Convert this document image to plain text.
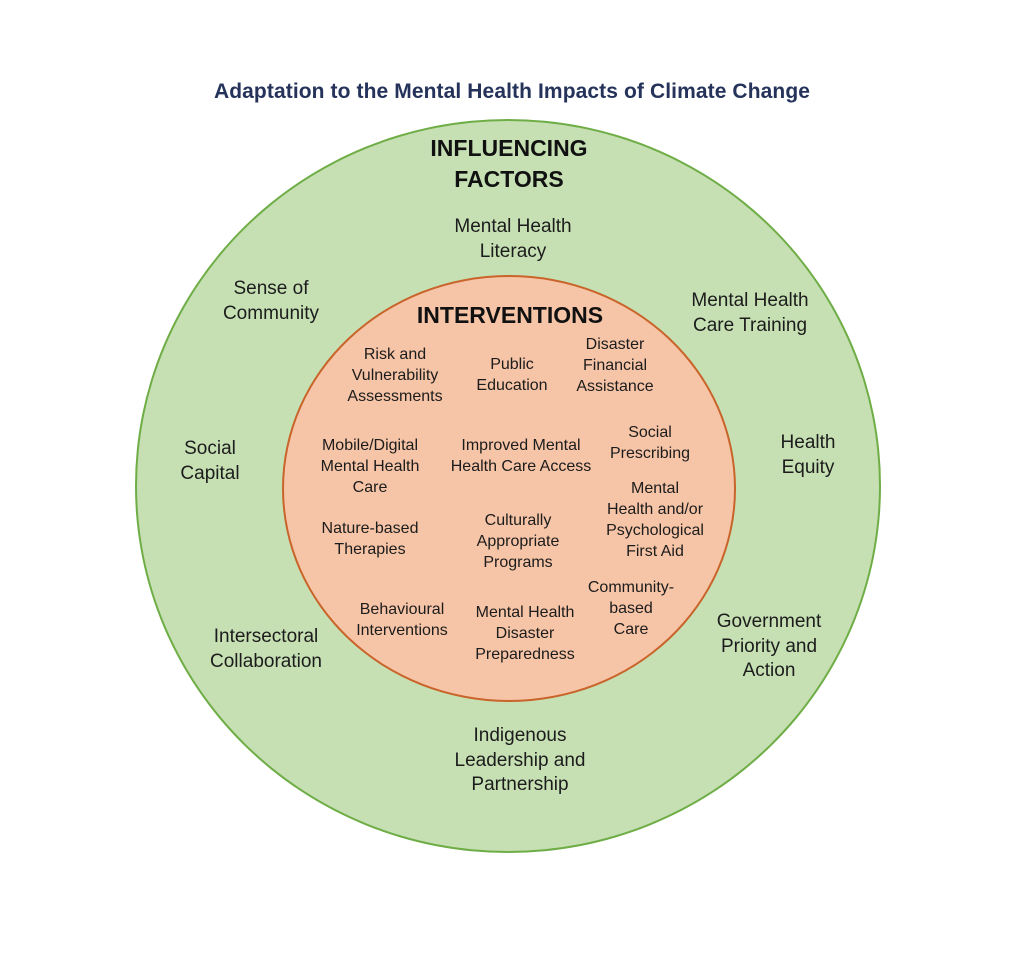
Adaptation to the Mental Health Impacts of Climate Change
INFLUENCING
FACTORS
Mental Health
Literacy
Sense of
Community
Mental Health
Care Training
Social
Capital
Health
Equity
Intersectoral
Collaboration
Government
Priority and
Action
Indigenous
Leadership and
Partnership
INTERVENTIONS
Risk and
Vulnerability
Assessments
Public
Education
Disaster
Financial
Assistance
Mobile/Digital
Mental Health
Care
Improved Mental
Health Care Access
Social
Prescribing
Mental
Health and/or
Psychological
First Aid
Nature-based
Therapies
Culturally
Appropriate
Programs
Community-
based
Care
Behavioural
Interventions
Mental Health
Disaster
Preparedness
